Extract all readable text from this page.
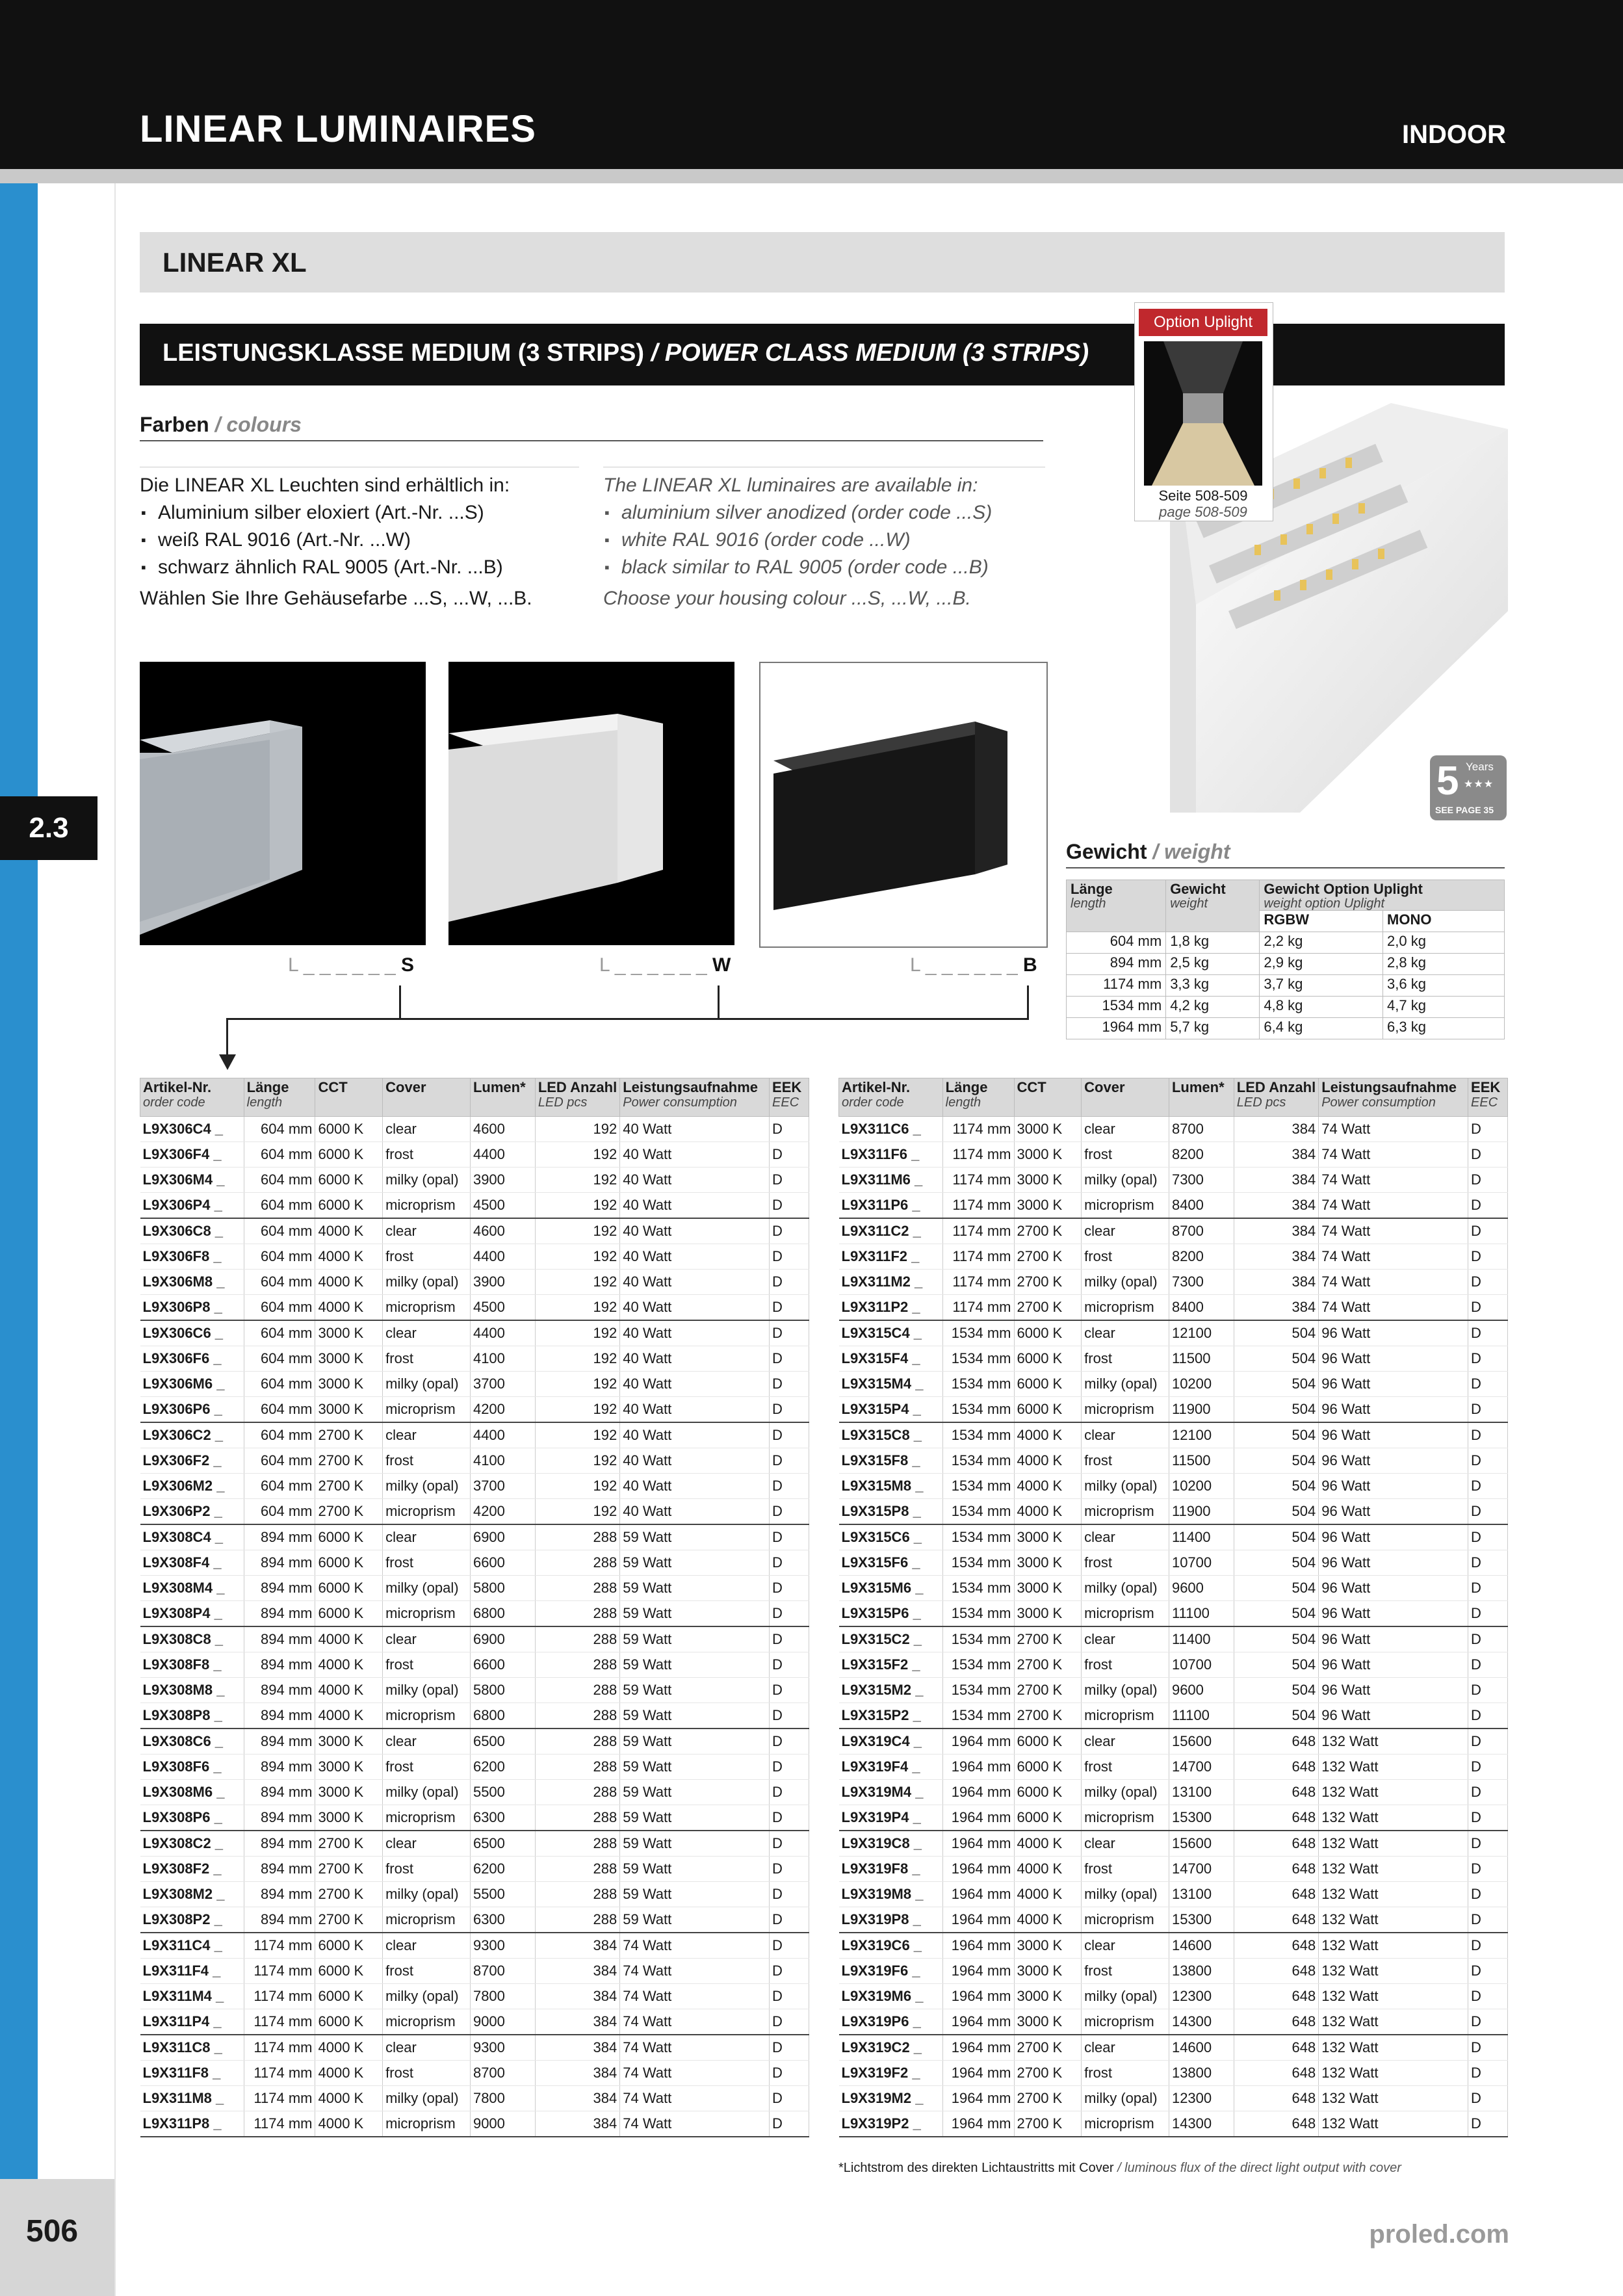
LINEAR LUMINAIRES	INDOOR
2.3
LINEAR XL
LEISTUNGSKLASSE MEDIUM (3 STRIPS) / POWER CLASS MEDIUM (3 STRIPS)
Option Uplight
Seite 508-509
page 508-509
5 Years
★★★
SEE PAGE 35
Farben / colours
Die LINEAR XL Leuchten sind erhältlich in:
▪ Aluminium silber eloxiert (Art.-Nr. ...S)
▪ weiß RAL 9016 (Art.-Nr. ...W)
▪ schwarz ähnlich RAL 9005 (Art.-Nr. ...B)
Wählen Sie Ihre Gehäusefarbe ...S, ...W, ...B.
The LINEAR XL luminaires are available in:
▪ aluminium silver anodized (order code ...S)
▪ white RAL 9016 (order code ...W)
▪ black similar to RAL 9005 (order code ...B)
Choose your housing colour ...S, ...W, ...B.
L _ _ _ _ _ _ S	L _ _ _ _ _ _ W	L _ _ _ _ _ _ B
Gewicht / weight
Länge
length	Gewicht
weight	Gewicht Option Uplight
weight option Uplight	

		RGBW	MONO
604 mm	1,8 kg	2,2 kg	2,0 kg
894 mm	2,5 kg	2,9 kg	2,8 kg
1174 mm	3,3 kg	3,7 kg	3,6 kg
1534 mm	4,2 kg	4,8 kg	4,7 kg
1964 mm	5,7 kg	6,4 kg	6,3 kg
Artikel-Nr.
order code	Länge
length	CCT	Cover	Lumen*	LED Anzahl
LED pcs	Leistungsaufnahme
Power consumption	EEK
EEC

L9X306C4 _	604 mm	6000 K	clear	4600	192	40 Watt	D
L9X306F4 _	604 mm	6000 K	frost	4400	192	40 Watt	D
L9X306M4 _	604 mm	6000 K	milky (opal)	3900	192	40 Watt	D
L9X306P4 _	604 mm	6000 K	microprism	4500	192	40 Watt	D
L9X306C8 _	604 mm	4000 K	clear	4600	192	40 Watt	D
L9X306F8 _	604 mm	4000 K	frost	4400	192	40 Watt	D
L9X306M8 _	604 mm	4000 K	milky (opal)	3900	192	40 Watt	D
L9X306P8 _	604 mm	4000 K	microprism	4500	192	40 Watt	D
L9X306C6 _	604 mm	3000 K	clear	4400	192	40 Watt	D
L9X306F6 _	604 mm	3000 K	frost	4100	192	40 Watt	D
L9X306M6 _	604 mm	3000 K	milky (opal)	3700	192	40 Watt	D
L9X306P6 _	604 mm	3000 K	microprism	4200	192	40 Watt	D
L9X306C2 _	604 mm	2700 K	clear	4400	192	40 Watt	D
L9X306F2 _	604 mm	2700 K	frost	4100	192	40 Watt	D
L9X306M2 _	604 mm	2700 K	milky (opal)	3700	192	40 Watt	D
L9X306P2 _	604 mm	2700 K	microprism	4200	192	40 Watt	D
L9X308C4 _	894 mm	6000 K	clear	6900	288	59 Watt	D
L9X308F4 _	894 mm	6000 K	frost	6600	288	59 Watt	D
L9X308M4 _	894 mm	6000 K	milky (opal)	5800	288	59 Watt	D
L9X308P4 _	894 mm	6000 K	microprism	6800	288	59 Watt	D
L9X308C8 _	894 mm	4000 K	clear	6900	288	59 Watt	D
L9X308F8 _	894 mm	4000 K	frost	6600	288	59 Watt	D
L9X308M8 _	894 mm	4000 K	milky (opal)	5800	288	59 Watt	D
L9X308P8 _	894 mm	4000 K	microprism	6800	288	59 Watt	D
L9X308C6 _	894 mm	3000 K	clear	6500	288	59 Watt	D
L9X308F6 _	894 mm	3000 K	frost	6200	288	59 Watt	D
L9X308M6 _	894 mm	3000 K	milky (opal)	5500	288	59 Watt	D
L9X308P6 _	894 mm	3000 K	microprism	6300	288	59 Watt	D
L9X308C2 _	894 mm	2700 K	clear	6500	288	59 Watt	D
L9X308F2 _	894 mm	2700 K	frost	6200	288	59 Watt	D
L9X308M2 _	894 mm	2700 K	milky (opal)	5500	288	59 Watt	D
L9X308P2 _	894 mm	2700 K	microprism	6300	288	59 Watt	D
L9X311C4 _	1174 mm	6000 K	clear	9300	384	74 Watt	D
L9X311F4 _	1174 mm	6000 K	frost	8700	384	74 Watt	D
L9X311M4 _	1174 mm	6000 K	milky (opal)	7800	384	74 Watt	D
L9X311P4 _	1174 mm	6000 K	microprism	9000	384	74 Watt	D
L9X311C8 _	1174 mm	4000 K	clear	9300	384	74 Watt	D
L9X311F8 _	1174 mm	4000 K	frost	8700	384	74 Watt	D
L9X311M8 _	1174 mm	4000 K	milky (opal)	7800	384	74 Watt	D
L9X311P8 _	1174 mm	4000 K	microprism	9000	384	74 Watt	D
Artikel-Nr.
order code	Länge
length	CCT	Cover	Lumen*	LED Anzahl
LED pcs	Leistungsaufnahme
Power consumption	EEK
EEC

L9X311C6 _	1174 mm	3000 K	clear	8700	384	74 Watt	D
L9X311F6 _	1174 mm	3000 K	frost	8200	384	74 Watt	D
L9X311M6 _	1174 mm	3000 K	milky (opal)	7300	384	74 Watt	D
L9X311P6 _	1174 mm	3000 K	microprism	8400	384	74 Watt	D
L9X311C2 _	1174 mm	2700 K	clear	8700	384	74 Watt	D
L9X311F2 _	1174 mm	2700 K	frost	8200	384	74 Watt	D
L9X311M2 _	1174 mm	2700 K	milky (opal)	7300	384	74 Watt	D
L9X311P2 _	1174 mm	2700 K	microprism	8400	384	74 Watt	D
L9X315C4 _	1534 mm	6000 K	clear	12100	504	96 Watt	D
L9X315F4 _	1534 mm	6000 K	frost	11500	504	96 Watt	D
L9X315M4 _	1534 mm	6000 K	milky (opal)	10200	504	96 Watt	D
L9X315P4 _	1534 mm	6000 K	microprism	11900	504	96 Watt	D
L9X315C8 _	1534 mm	4000 K	clear	12100	504	96 Watt	D
L9X315F8 _	1534 mm	4000 K	frost	11500	504	96 Watt	D
L9X315M8 _	1534 mm	4000 K	milky (opal)	10200	504	96 Watt	D
L9X315P8 _	1534 mm	4000 K	microprism	11900	504	96 Watt	D
L9X315C6 _	1534 mm	3000 K	clear	11400	504	96 Watt	D
L9X315F6 _	1534 mm	3000 K	frost	10700	504	96 Watt	D
L9X315M6 _	1534 mm	3000 K	milky (opal)	9600	504	96 Watt	D
L9X315P6 _	1534 mm	3000 K	microprism	11100	504	96 Watt	D
L9X315C2 _	1534 mm	2700 K	clear	11400	504	96 Watt	D
L9X315F2 _	1534 mm	2700 K	frost	10700	504	96 Watt	D
L9X315M2 _	1534 mm	2700 K	milky (opal)	9600	504	96 Watt	D
L9X315P2 _	1534 mm	2700 K	microprism	11100	504	96 Watt	D
L9X319C4 _	1964 mm	6000 K	clear	15600	648	132 Watt	D
L9X319F4 _	1964 mm	6000 K	frost	14700	648	132 Watt	D
L9X319M4 _	1964 mm	6000 K	milky (opal)	13100	648	132 Watt	D
L9X319P4 _	1964 mm	6000 K	microprism	15300	648	132 Watt	D
L9X319C8 _	1964 mm	4000 K	clear	15600	648	132 Watt	D
L9X319F8 _	1964 mm	4000 K	frost	14700	648	132 Watt	D
L9X319M8 _	1964 mm	4000 K	milky (opal)	13100	648	132 Watt	D
L9X319P8 _	1964 mm	4000 K	microprism	15300	648	132 Watt	D
L9X319C6 _	1964 mm	3000 K	clear	14600	648	132 Watt	D
L9X319F6 _	1964 mm	3000 K	frost	13800	648	132 Watt	D
L9X319M6 _	1964 mm	3000 K	milky (opal)	12300	648	132 Watt	D
L9X319P6 _	1964 mm	3000 K	microprism	14300	648	132 Watt	D
L9X319C2 _	1964 mm	2700 K	clear	14600	648	132 Watt	D
L9X319F2 _	1964 mm	2700 K	frost	13800	648	132 Watt	D
L9X319M2 _	1964 mm	2700 K	milky (opal)	12300	648	132 Watt	D
L9X319P2 _	1964 mm	2700 K	microprism	14300	648	132 Watt	D
*Lichtstrom des direkten Lichtaustritts mit Cover / luminous flux of the direct light output with cover
506	proled.com
